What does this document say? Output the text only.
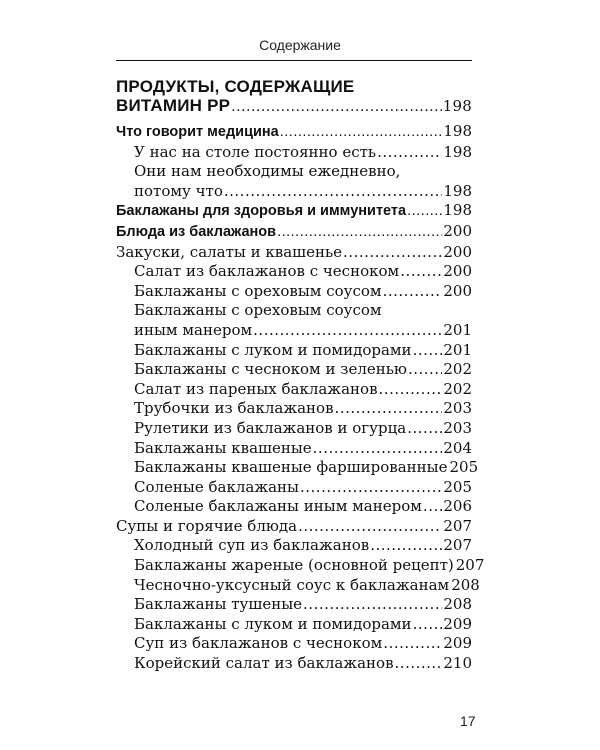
Содержание
ПРОДУКТЫ, СОДЕРЖАЩИЕ
ВИТАМИН PP .....	198
Что говорит медицина .....	198
У нас на столе постоянно есть .....	198
Они нам необходимы ежедневно,
потому что .....	198
Баклажаны для здоровья и иммунитета ..... 198
Блюда из баклажанов .....	200
Закуски, салаты и квашенье .....	200
Салат из баклажанов с чесноком .....	200
Баклажаны с ореховым соусом .....	200
Баклажаны с ореховым соусом
иным манером .....	201
Баклажаны с луком и помидорами ..... 201
Баклажаны с чесноком и зеленью ..... 202
Салат из пареных баклажанов .....	202
Трубочки из баклажанов .....	203
Рулетики из баклажанов и огурца ..... 203
Баклажаны квашеные .....	204
Баклажаны квашеные фаршированные 205
Соленые баклажаны .....	205
Соленые баклажаны иным манером ..... 206
Супы и горячие блюда .....	207
Холодный суп из баклажанов .....	207
Баклажаны жареные (основной рецепт) 207
Чесночно-уксусный соус к баклажанам 208
Баклажаны тушеные .....	208
Баклажаны с луком и помидорами ..... 209
Суп из баклажанов с чесноком .....	209
Корейский салат из баклажанов .....	210
17
